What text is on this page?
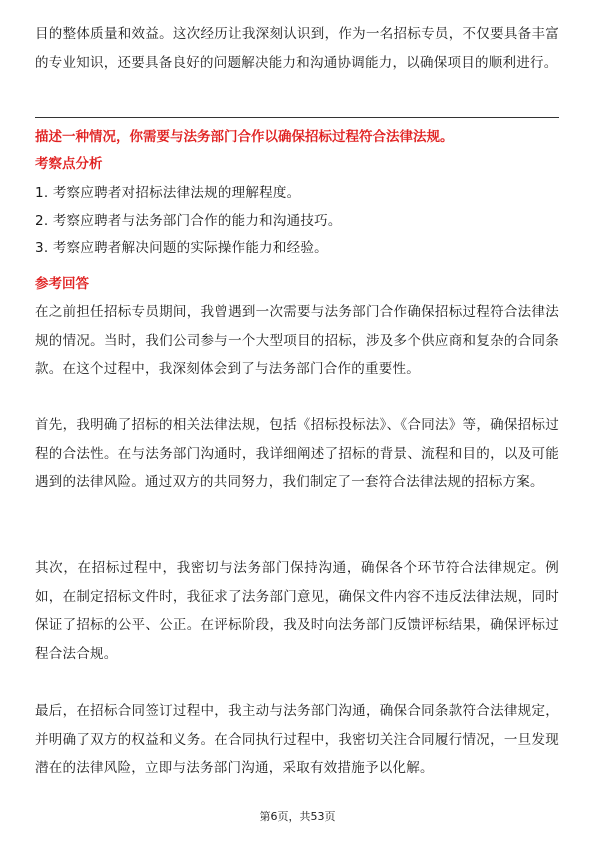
目的整体质量和效益。这次经历让我深刻认识到，作为一名招标专员，不仅要具备丰富的专业知识，还要具备良好的问题解决能力和沟通协调能力，以确保项目的顺利进行。

描述一种情况，你需要与法务部门合作以确保招标过程符合法律法规。

考察点分析

1. 考察应聘者对招标法律法规的理解程度。
2. 考察应聘者与法务部门合作的能力和沟通技巧。
3. 考察应聘者解决问题的实际操作能力和经验。

参考回答

在之前担任招标专员期间，我曾遇到一次需要与法务部门合作确保招标过程符合法律法规的情况。当时，我们公司参与一个大型项目的招标，涉及多个供应商和复杂的合同条款。在这个过程中，我深刻体会到了与法务部门合作的重要性。

首先，我明确了招标的相关法律法规，包括《招标投标法》、《合同法》等，确保招标过程的合法性。在与法务部门沟通时，我详细阐述了招标的背景、流程和目的，以及可能遇到的法律风险。通过双方的共同努力，我们制定了一套符合法律法规的招标方案。

其次，在招标过程中，我密切与法务部门保持沟通，确保各个环节符合法律规定。例如，在制定招标文件时，我征求了法务部门意见，确保文件内容不违反法律法规，同时保证了招标的公平、公正。在评标阶段，我及时向法务部门反馈评标结果，确保评标过程合法合规。

最后，在招标合同签订过程中，我主动与法务部门沟通，确保合同条款符合法律规定，并明确了双方的权益和义务。在合同执行过程中，我密切关注合同履行情况，一旦发现潜在的法律风险，立即与法务部门沟通，采取有效措施予以化解。

第6页，共53页
